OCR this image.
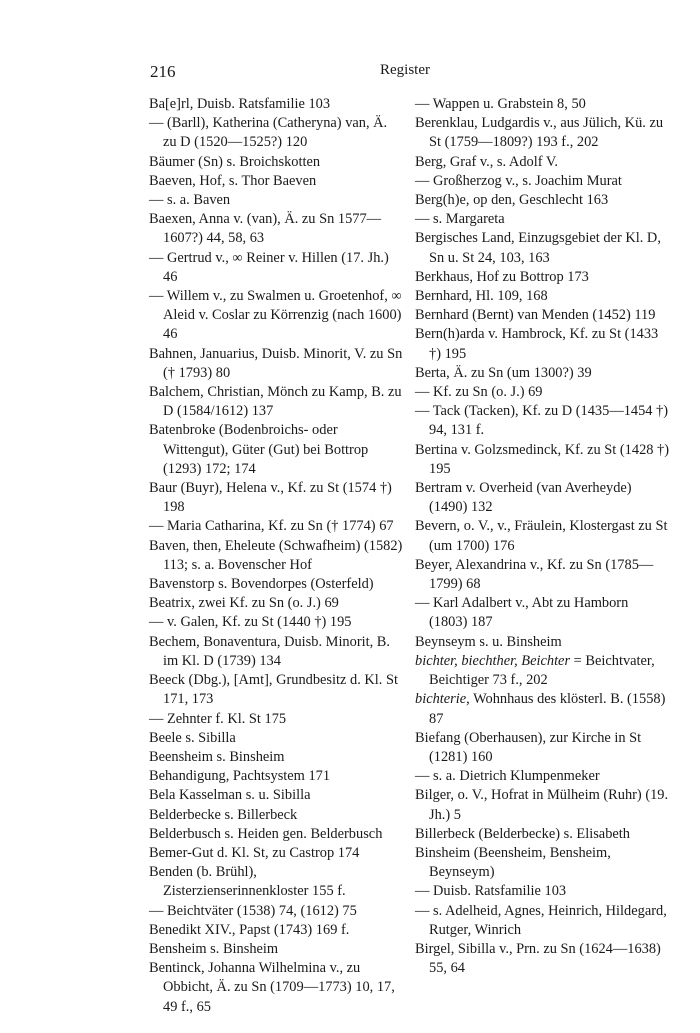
216	Register
Ba[e]rl, Duisb. Ratsfamilie 103
— (Barll), Katherina (Catheryna) van, Ä. zu D (1520—1525?) 120
Bäumer (Sn) s. Broichskotten
Baeven, Hof, s. Thor Baeven
— s. a. Baven
Baexen, Anna v. (van), Ä. zu Sn 1577—1607?) 44, 58, 63
— Gertrud v., ∞ Reiner v. Hillen (17. Jh.) 46
— Willem v., zu Swalmen u. Groetenhof, ∞ Aleid v. Coslar zu Körrenzig (nach 1600) 46
Bahnen, Januarius, Duisb. Minorit, V. zu Sn († 1793) 80
Balchem, Christian, Mönch zu Kamp, B. zu D (1584/1612) 137
Batenbroke (Bodenbroichs- oder Wittengut), Güter (Gut) bei Bottrop (1293) 172; 174
Baur (Buyr), Helena v., Kf. zu St (1574 †) 198
— Maria Catharina, Kf. zu Sn († 1774) 67
Baven, then, Eheleute (Schwafheim) (1582) 113; s. a. Bovenscher Hof
Bavenstorp s. Bovendorpes (Osterfeld)
Beatrix, zwei Kf. zu Sn (o. J.) 69
— v. Galen, Kf. zu St (1440 †) 195
Bechem, Bonaventura, Duisb. Minorit, B. im Kl. D (1739) 134
Beeck (Dbg.), [Amt], Grundbesitz d. Kl. St 171, 173
— Zehnter f. Kl. St 175
Beele s. Sibilla
Beensheim s. Binsheim
Behandigung, Pachtsystem 171
Bela Kasselman s. u. Sibilla
Belderbecke s. Billerbeck
Belderbusch s. Heiden gen. Belderbusch
Bemer-Gut d. Kl. St, zu Castrop 174
Benden (b. Brühl), Zisterzienserinnenkloster 155 f.
— Beichtväter (1538) 74, (1612) 75
Benedikt XIV., Papst (1743) 169 f.
Bensheim s. Binsheim
Bentinck, Johanna Wilhelmina v., zu Obbicht, Ä. zu Sn (1709—1773) 10, 17, 49 f., 65
— Wappen u. Grabstein 8, 50
Berenklau, Ludgardis v., aus Jülich, Kü. zu St (1759—1809?) 193 f., 202
Berg, Graf v., s. Adolf V.
— Großherzog v., s. Joachim Murat
Berg(h)e, op den, Geschlecht 163
— s. Margareta
Bergisches Land, Einzugsgebiet der Kl. D, Sn u. St 24, 103, 163
Berkhaus, Hof zu Bottrop 173
Bernhard, Hl. 109, 168
Bernhard (Bernt) van Menden (1452) 119
Bern(h)arda v. Hambrock, Kf. zu St (1433 †) 195
Berta, Ä. zu Sn (um 1300?) 39
— Kf. zu Sn (o. J.) 69
— Tack (Tacken), Kf. zu D (1435—1454 †) 94, 131 f.
Bertina v. Golzsmedinck, Kf. zu St (1428 †) 195
Bertram v. Overheid (van Averheyde) (1490) 132
Bevern, o. V., v., Fräulein, Klostergast zu St (um 1700) 176
Beyer, Alexandrina v., Kf. zu Sn (1785—1799) 68
— Karl Adalbert v., Abt zu Hamborn (1803) 187
Beynseym s. u. Binsheim
bichter, biechther, Beichter = Beichtvater, Beichtiger 73 f., 202
bichterie, Wohnhaus des klösterl. B. (1558) 87
Biefang (Oberhausen), zur Kirche in St (1281) 160
— s. a. Dietrich Klumpenmeker
Bilger, o. V., Hofrat in Mülheim (Ruhr) (19. Jh.) 5
Billerbeck (Belderbecke) s. Elisabeth
Binsheim (Beensheim, Bensheim, Beynseym)
— Duisb. Ratsfamilie 103
— s. Adelheid, Agnes, Heinrich, Hildegard, Rutger, Winrich
Birgel, Sibilla v., Prn. zu Sn (1624—1638) 55, 64
